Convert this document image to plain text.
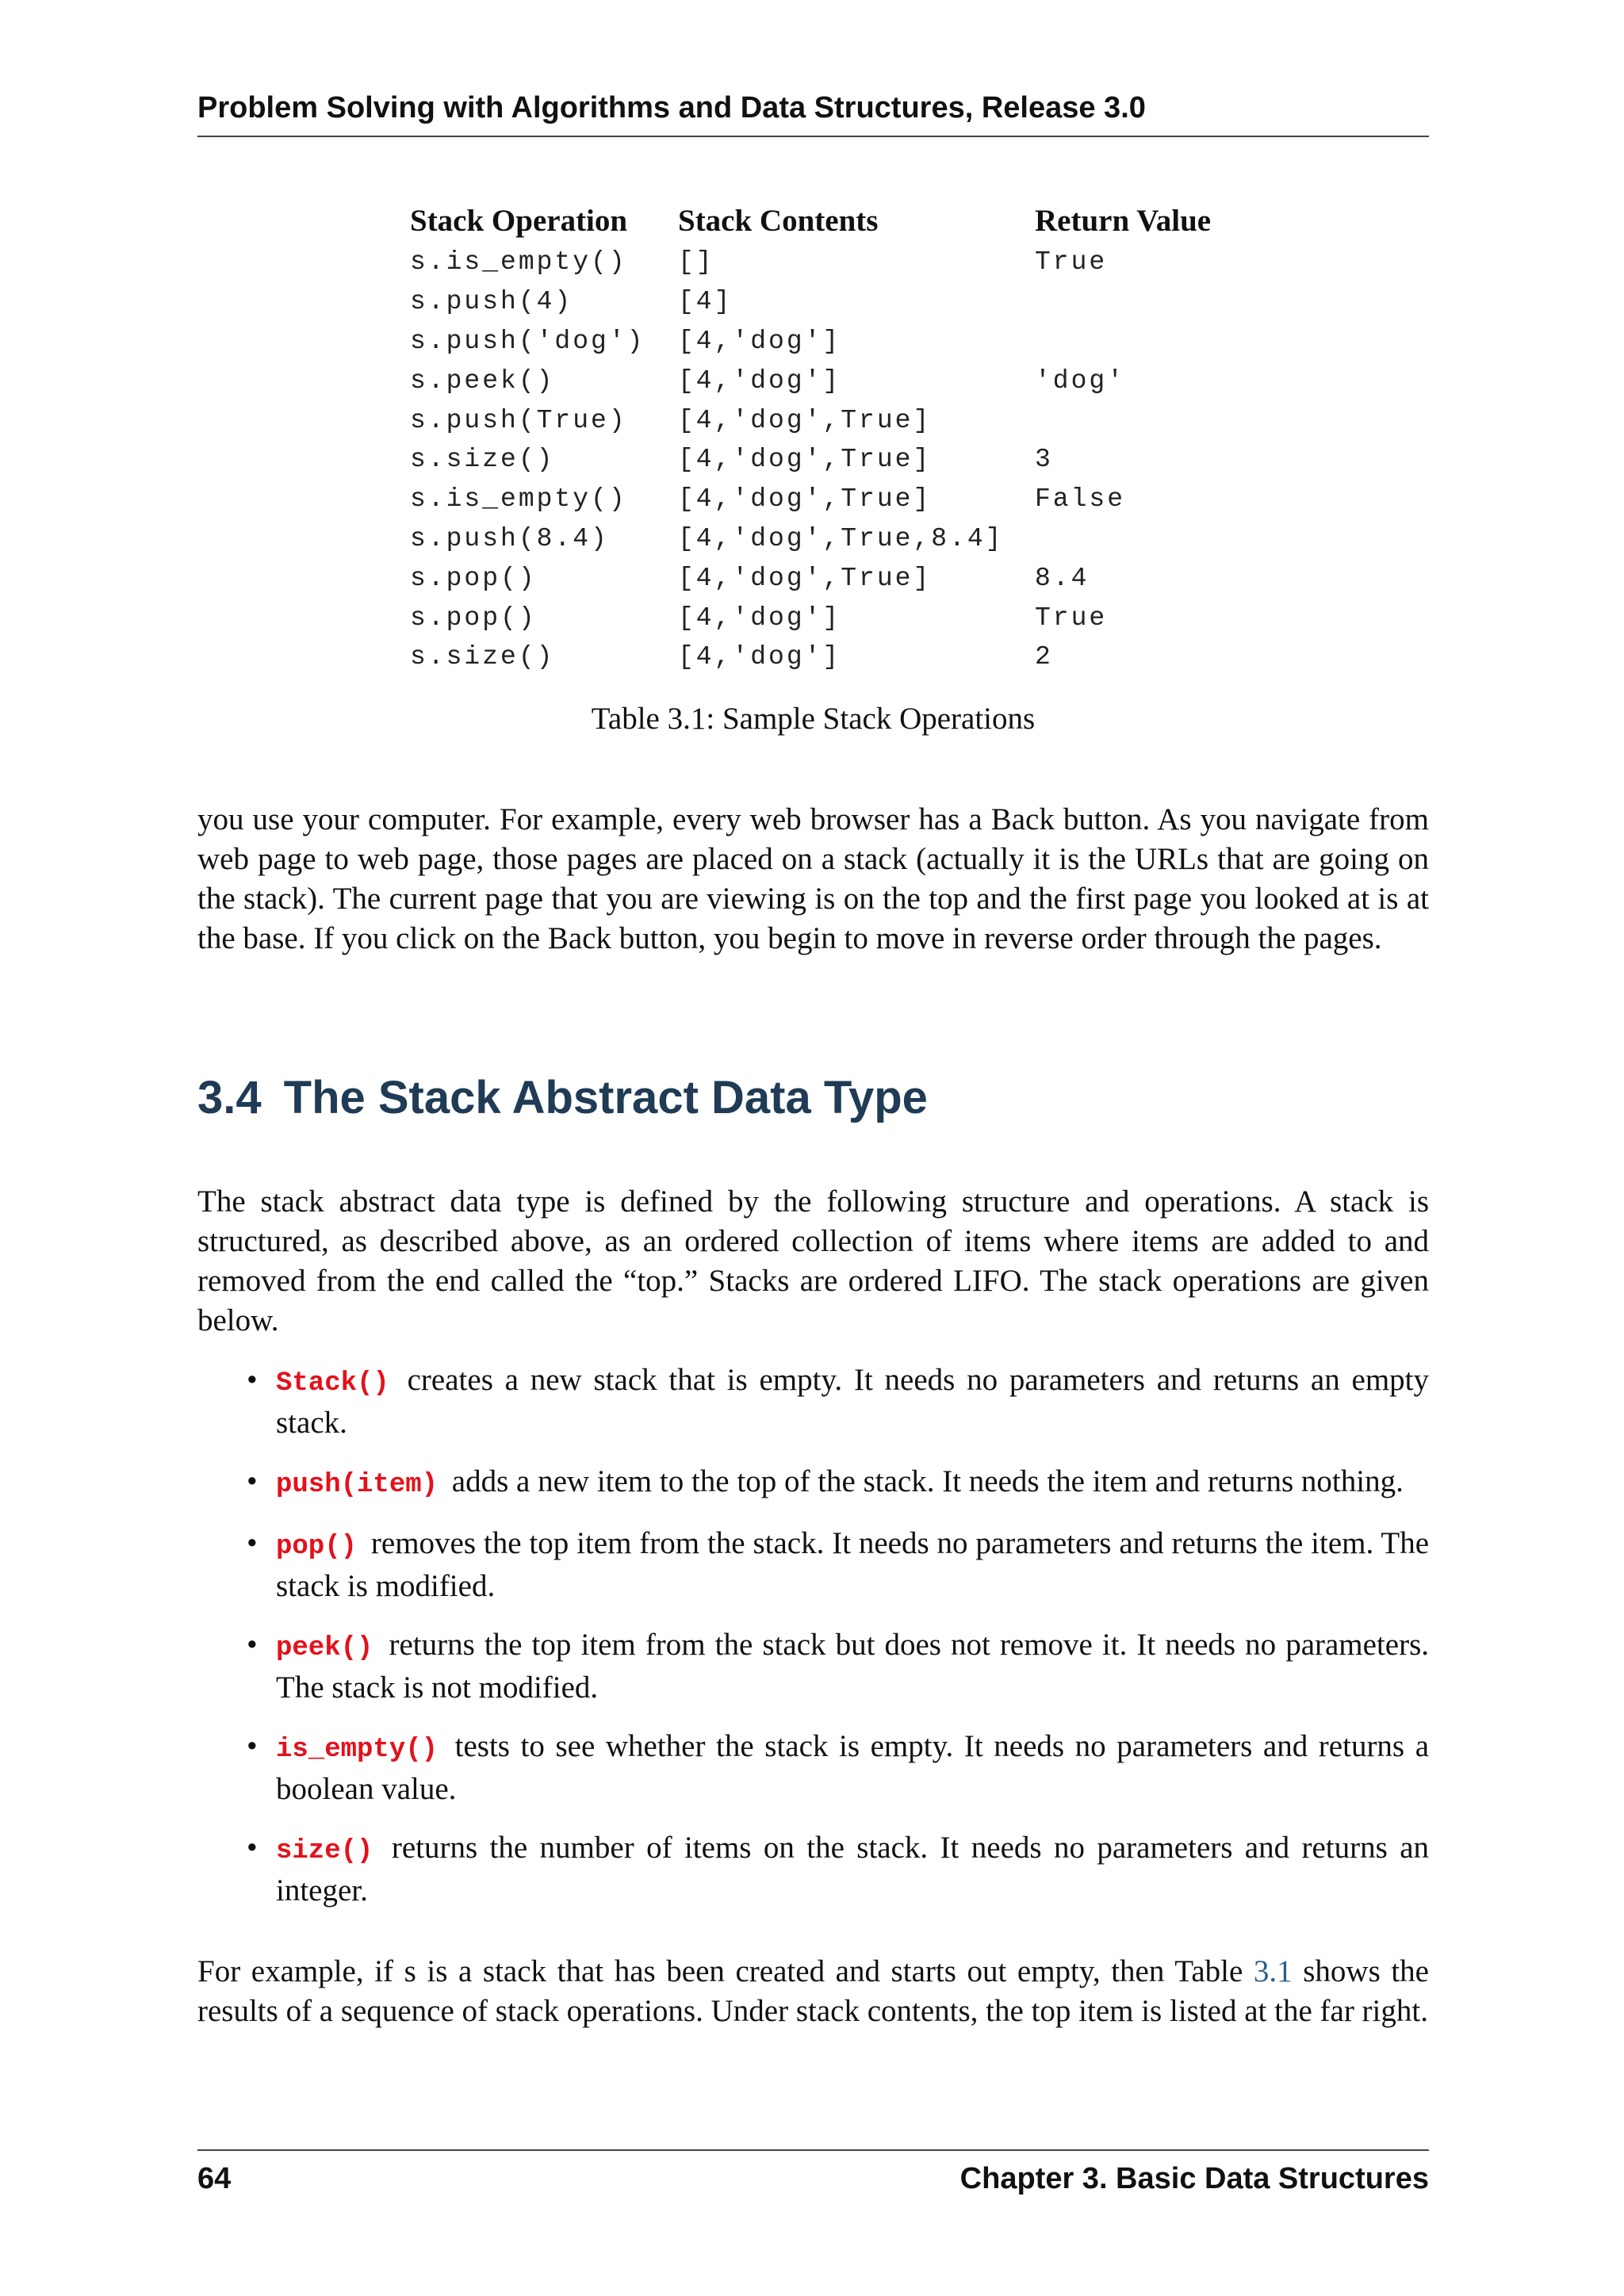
Problem Solving with Algorithms and Data Structures, Release 3.0
Stack Operation	Stack Contents	Return Value
s.is_empty()	[]	True
s.push(4)	[4]	
s.push('dog')	[4,'dog']	
s.peek()	[4,'dog']	'dog'
s.push(True)	[4,'dog',True]	
s.size()	[4,'dog',True]	3
s.is_empty()	[4,'dog',True]	False
s.push(8.4)	[4,'dog',True,8.4]	
s.pop()	[4,'dog',True]	8.4
s.pop()	[4,'dog']	True
s.size()	[4,'dog']	2
Table 3.1: Sample Stack Operations

you use your computer. For example, every web browser has a Back button. As you navigate from web page to web page, those pages are placed on a stack (actually it is the URLs that are going on the stack). The current page that you are viewing is on the top and the first page you looked at is at the base. If you click on the Back button, you begin to move in reverse order through the pages.

3.4 The Stack Abstract Data Type

The stack abstract data type is defined by the following structure and operations. A stack is structured, as described above, as an ordered collection of items where items are added to and removed from the end called the “top.” Stacks are ordered LIFO. The stack operations are given below.

• Stack() creates a new stack that is empty. It needs no parameters and returns an empty stack.
• push(item) adds a new item to the top of the stack. It needs the item and returns nothing.
• pop() removes the top item from the stack. It needs no parameters and returns the item. The stack is modified.
• peek() returns the top item from the stack but does not remove it. It needs no parameters. The stack is not modified.
• is_empty() tests to see whether the stack is empty. It needs no parameters and returns a boolean value.
• size() returns the number of items on the stack. It needs no parameters and returns an integer.

For example, if s is a stack that has been created and starts out empty, then Table 3.1 shows the results of a sequence of stack operations. Under stack contents, the top item is listed at the far right.

64	Chapter 3. Basic Data Structures
